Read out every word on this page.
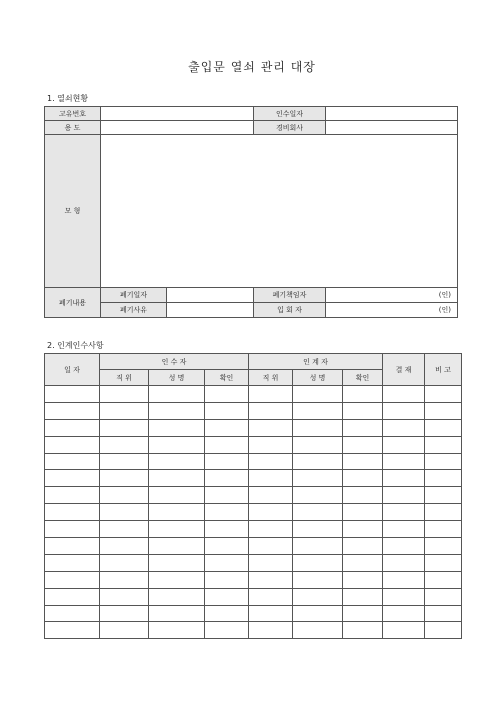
출입문 열쇠 관리 대장
1. 열쇠현황
고유번호			인수일자	
용 도			경비회사	
모 형				
폐기내용	폐기일자		폐기책임자	(인)
	폐기사유		입 회 자	(인)
2. 인계인수사항
일 자	인 수 자			인 계 자			결 재	비 고
	직 위	성 명	확인	직 위	성 명	확인		
